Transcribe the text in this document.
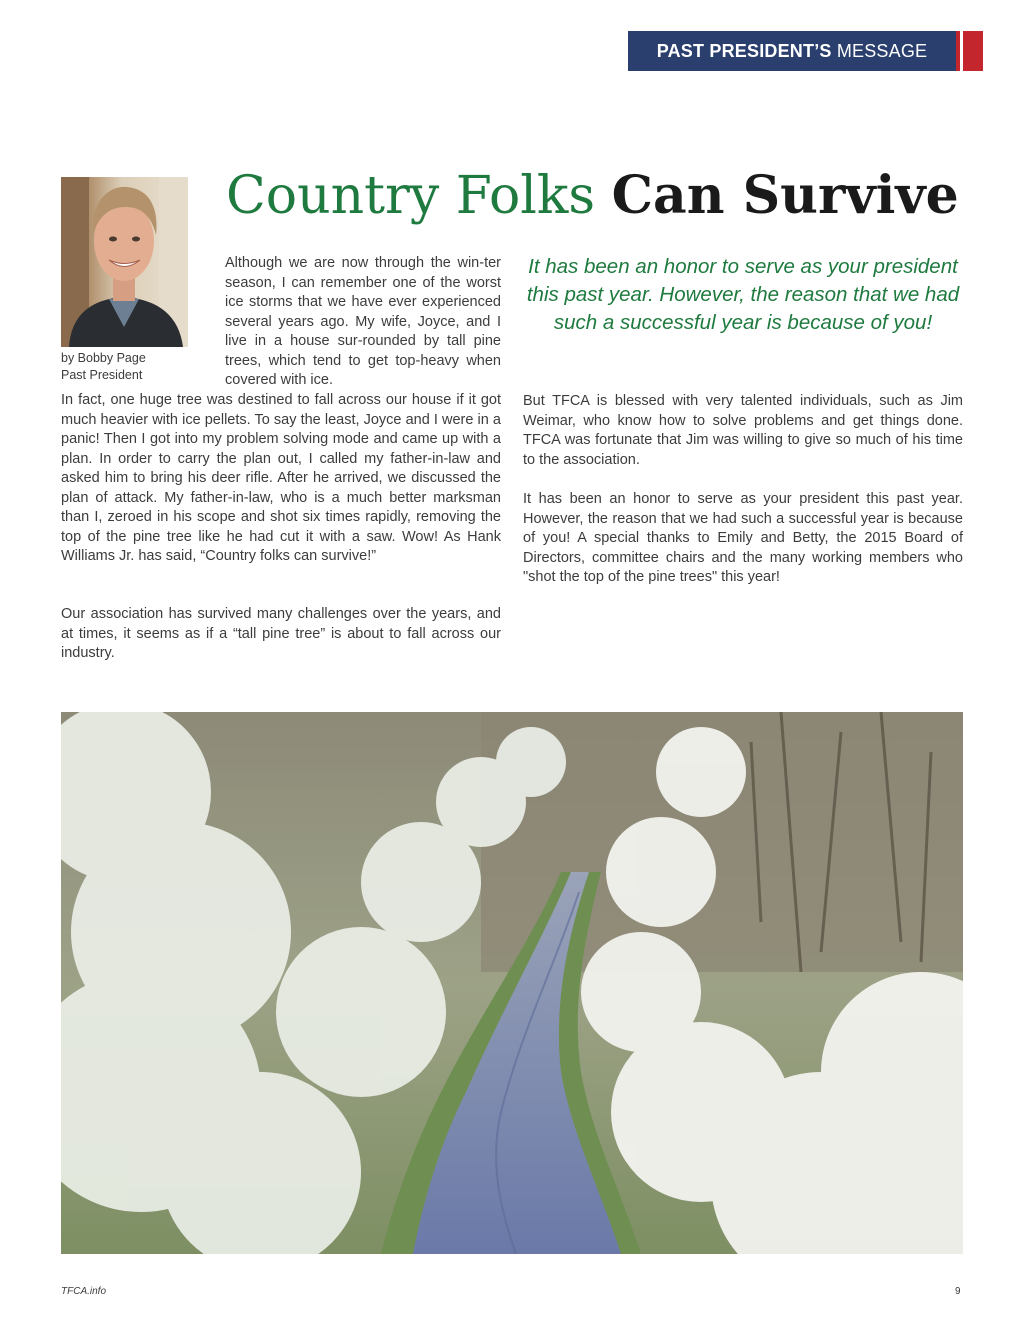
PAST PRESIDENT’S MESSAGE
by Bobby Page
Past President
Country Folks Can Survive

Although we are now through the win-ter season, I can remember one of the worst ice storms that we have ever experienced several years ago. My wife, Joyce, and I live in a house sur-rounded by tall pine trees, which tend to get top-heavy when covered with ice.

In fact, one huge tree was destined to fall across our house if it got much heavier with ice pellets. To say the least, Joyce and I were in a panic! Then I got into my problem solving mode and came up with a plan. In order to carry the plan out, I called my father-in-law and asked him to bring his deer rifle. After he arrived, we discussed the plan of attack. My father-in-law, who is a much better marksman than I, zeroed in his scope and shot six times rapidly, removing the top of the pine tree like he had cut it with a saw. Wow! As Hank Williams Jr. has said, “Country folks can survive!”

Our association has survived many challenges over the years, and at times, it seems as if a “tall pine tree” is about to fall across our industry.

It has been an honor to serve as your president this past year. However, the reason that we had such a successful year is because of you!

But TFCA is blessed with very talented individuals, such as Jim Weimar, who know how to solve problems and get things done. TFCA was fortunate that Jim was willing to give so much of his time to the association.

It has been an honor to serve as your president this past year. However, the reason that we had such a successful year is because of you! A special thanks to Emily and Betty, the 2015 Board of Directors, committee chairs and the many working members who "shot the top of the pine trees" this year!

TFCA.info	9
